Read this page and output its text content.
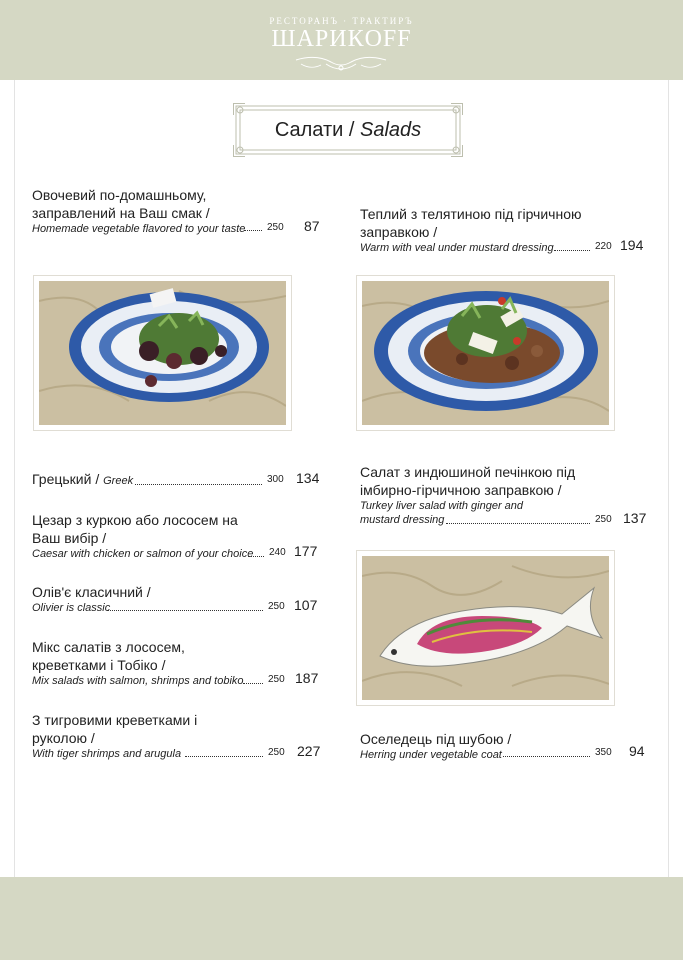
РЕСТОРАНЪ · ТРАКТИРЪ
ШАРИКOFF
Салати / Salads
Овочевий по-домашньому,
заправлений на Ваш смак /
Homemade vegetable flavored to your taste	250 87
Грецький / Greek	300 134
Цезар з куркою або лососем на
Ваш вибір /
Caesar with chicken or salmon of your choice	240 177
Олів'є класичний /
Olivier is classic	250 107
Мікс салатів з лососем,
креветками і Тобіко /
Mix salads with salmon, shrimps and tobiko	250 187
З тигровими креветками і
руколою /
With tiger shrimps and arugula	250 227
Теплий з телятиною під гірчичною
заправкою /
Warm with veal under mustard dressing	220 194
Салат з индюшиной печінкою під
імбирно-гірчичною заправкою /
Turkey liver salad with ginger and
mustard dressing	250 137
Оселедець під шубою /
Herring under vegetable coat	350 94
